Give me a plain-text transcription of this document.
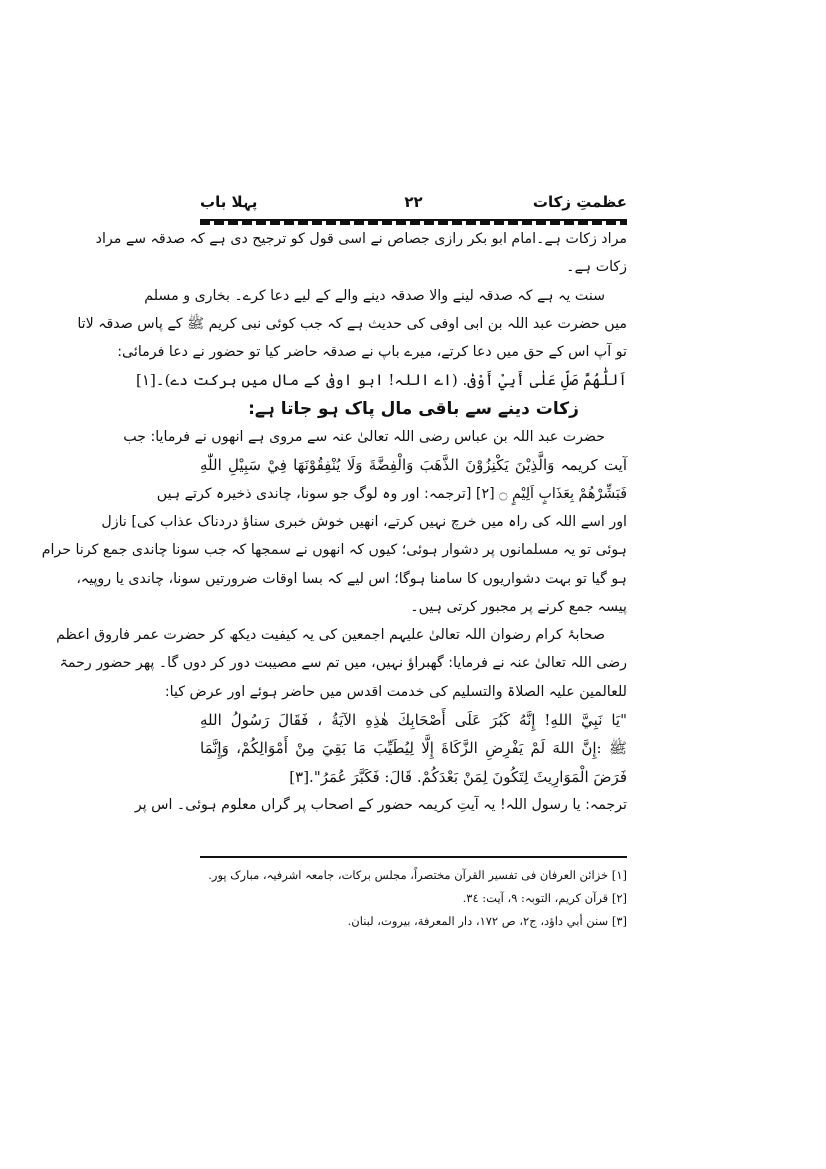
عظمتِ زکات
۲۲
پہلا باب
مراد زکات ہے۔امام ابو بکر رازی جصاص نے اسی قول کو ترجیح دی ہے کہ صدقہ سے مراد
زکات ہے۔
سنت یہ ہے کہ صدقہ لینے والا صدقہ دینے والے کے لیے دعا کرے۔ بخاری و مسلم
میں حضرت عبد اللہ بن ابی اوفی کی حدیث ہے کہ جب کوئی نبی کریم ﷺ کے پاس صدقہ لاتا
تو آپ اس کے حق میں دعا کرتے، میرے باپ نے صدقہ حاضر کیا تو حضور نے دعا فرمائی:
اَللّٰهُمَّ صَلِّ عَلٰى أَبِيْ أَوْفٰى. (اے اللہ! ابو اوفیٰ کے مال میں برکت دے)۔[۱]
زکات دینے سے باقی مال پاک ہو جاتا ہے:
حضرت عبد اللہ بن عباس رضی اللہ تعالیٰ عنہ سے مروی ہے انھوں نے فرمایا: جب
آیت کریمہ وَالَّذِيْنَ يَكْنِزُوْنَ الذَّهَبَ وَالْفِضَّةَ وَلَا يُنْفِقُوْنَهَا فِيْ سَبِيْلِ اللّٰهِ
فَبَشِّرْهُمْ بِعَذَابٍ اَلِيْمٍ ۝ [۲] [ترجمہ: اور وہ لوگ جو سونا، چاندی ذخیرہ کرتے ہیں
اور اسے اللہ کی راہ میں خرچ نہیں کرتے، انھیں خوش خبری سناؤ دردناک عذاب کی] نازل
ہوئی تو یہ مسلمانوں پر دشوار ہوئی؛ کیوں کہ انھوں نے سمجھا کہ جب سونا چاندی جمع کرنا حرام
ہو گیا تو بہت دشواریوں کا سامنا ہوگا؛ اس لیے کہ بسا اوقات ضرورتیں سونا، چاندی یا روپیہ،
پیسہ جمع کرنے پر مجبور کرتی ہیں۔
صحابۂ کرام رضوان اللہ تعالیٰ علیہم اجمعین کی یہ کیفیت دیکھ کر حضرت عمر فاروق اعظم
رضی اللہ تعالیٰ عنہ نے فرمایا: گھبراؤ نہیں، میں تم سے مصیبت دور کر دوں گا۔ پھر حضور رحمۃ
للعالمین علیہ الصلاۃ والتسلیم کی خدمت اقدس میں حاضر ہوئے اور عرض کیا:
"يَا نَبِيَّ اللهِ! إِنَّهُ كَبُرَ عَلَى أَصْحَابِكَ هٰذِهِ الآيَةُ ، فَقَالَ رَسُولُ اللهِ
ﷺ :إِنَّ اللهَ لَمْ يَفْرِضِ الزَّكَاةَ إِلَّا لِيُطَيِّبَ مَا بَقِيَ مِنْ أَمْوَالِكُمْ، وَإِنَّمَا
فَرَضَ الْمَوَارِيثَ لِتَكُونَ لِمَنْ بَعْدَكُمْ. قَالَ: فَكَبَّرَ عُمَرُ".[۳]
ترجمہ: یا رسول اللہ! یہ آیتِ کریمہ حضور کے اصحاب پر گراں معلوم ہوئی۔ اس پر
[۱] خزائن العرفان فی تفسیر القرآن مختصراً، مجلس برکات، جامعہ اشرفیہ، مبارک پور.
[۲] قرآن کریم، التوبہ: ۹، آیت: ۳٤.
[۳] سنن أبي داؤد، ج۲، ص ۱۷۲، دار المعرفة، بیروت، لبنان.
